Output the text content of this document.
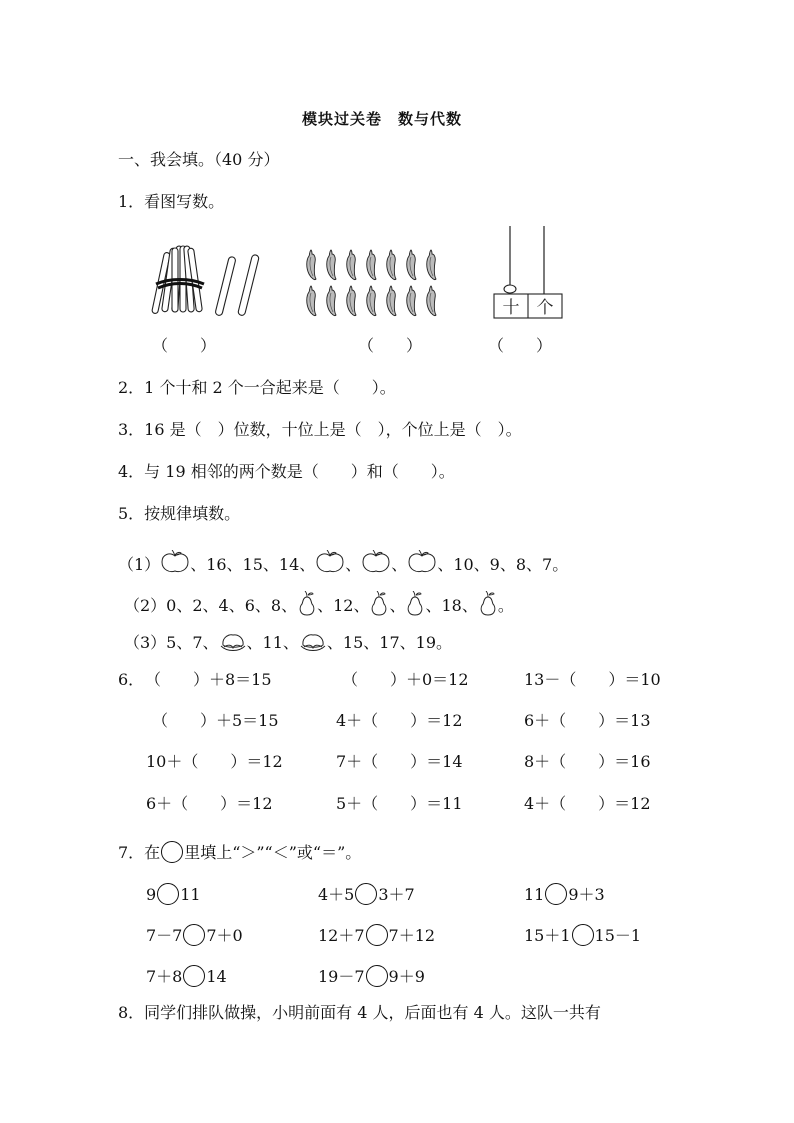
模块过关卷　数与代数
一、我会填。（40 分）
1．看图写数。
十 个
（　　）	（　　）	（　　）
2．1 个十和 2 个一合起来是（　　）。
3．16 是（　）位数，十位上是（　），个位上是（　）。
4．与 19 相邻的两个数是（　　）和（　　）。
5．按规律填数。
（1） 、16、15、14、 、 、 、10、9、8、7。
（2）0、2、4、6、8、 、12、 、 、18、 。
（3）5、7、 、11、 、15、17、19。
6． （　　）＋8＝15	（　　）＋0＝12	13－（　　）＝10
（　　）＋5＝15	4＋（　　）＝12	6＋（　　）＝13
10＋（　　）＝12	7＋（　　）＝14	8＋（　　）＝16
6＋（　　）＝12	5＋（　　）＝11	4＋（　　）＝12
7．在 里填上“＞”“＜”或“＝”。
9 11	4＋5 3＋7	11 9＋3
7－7 7＋0	12＋7 7＋12	15＋1 15－1
7＋8 14	19－7 9＋9
8．同学们排队做操，小明前面有 4 人，后面也有 4 人。这队一共有
